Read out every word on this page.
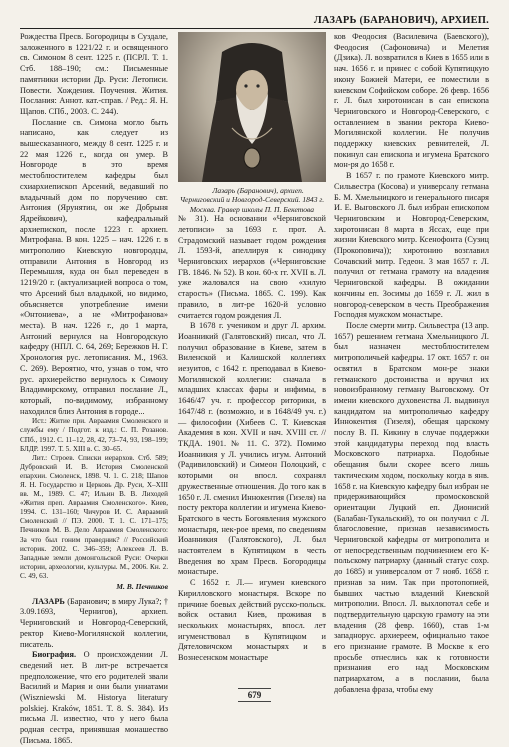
ЛАЗАРЬ (БАРАНОВИЧ), АРХИЕП.

Рождества Пресв. Богородицы в Суздале, заложенного в 1221/22 г. и освященного св. Симоном 8 сент. 1225 г. (ПСРЛ. Т. 1. Стб. 188–190; см.: Письменные памятники истории Др. Руси: Летописи. Повести. Хождения. Поучения. Жития. Послания: Аннот. кат.-справ. / Ред.: Я. Н. Щапов. СПб., 2003. С. 244).

Послание св. Симона могло быть написано, как следует из вышесказанного, между 8 сент. 1225 г. и 22 мая 1226 г., когда он умер. В Новгороде в это время местоблюстителем кафедры был схиархиепископ Арсений, ведавший по владычный дом по поручению свт. Антония (Ярунятин, он же Добрыня Ядрейкович), кафедральный архиепископ, после 1223 г. архиеп. Митрофана. В кон. 1225 – нач. 1226 г. в митрополию Киевскую новгородцы, отправили Антония в Новгород из Перемышля, куда он был переведен в 1219/20 г. (актуализацией вопроса о том, что Арсений был владыкой, но видимо, объясняется употребление имени «Онтониева», а не «Митрофанова» места). В нач. 1226 г., до 1 марта, Антоний вернулся на Новгородскую кафедру (НПЛ. С. 64, 269; Бережков Н. Г. Хронология рус. летописания. М., 1963. С. 269). Вероятно, что, узнав о том, что рус. архиерейство вернулось к Симону Владимирскому, отправил послание Л., который, по-видимому, избранному находился близ Антония в городе...

Ист.: Житие при. Авраамия Смоленского и службы ему / Подгот. к изд.: С. П. Розанов. СПб., 1912. С. 11–12, 28, 42, 73–74, 93, 198–199; БЛДР. 1997. Т. 5. XIII в. С. 30–65.

Лит.: Строев. Списки иерархов. Стб. 589; Дубровский И. В. История Смоленской епархии. Смоленск, 1898. Ч. 1. С. 218; Шапов Я. Н. Государство и Церковь Др. Руси, X–XIII вв. М., 1989. С. 47; Ильин В. В. Лиходей «Жития преп. Авраамия Смоленского». Киев, 1994. С. 131–160; Чичуров И. С. Авраамий Смоленский // ПЭ. 2000. Т. 1. С. 171–175; Печников М. В. Дело Авраамия Смоленского: За что был гоним праведник? // Российский историк. 2002. С. 346–359; Алексеев Л. В. Западные земли домонгольской Руси: Очерки истории, археологии, культуры. М., 2006. Кн. 2. С. 49, 63.

М. В. Печников

ЛАЗАРЬ (Баранович; в миру Лука?; † 3.09.1693, Чернигов), архиеп. Черниговский и Новгород-Северский, ректор Киево-Могилянской коллегии, писатель.

Биография. О происхождении Л. сведений нет. В лит-ре встречается предположение, что его родителей звали Василий и Мария и они были униатами (Wiszniewski M. Historya literatury polskiej. Kraków, 1851. T. 8. S. 384). Из письма Л. известно, что у него была родная сестра, принявшая монашество (Письма. 1865.

Лазарь (Баранович), архиеп. Черниговский и Новгород-Северский. 1843 г. Москва. Гравер школы П. П. Бекетова

№ 31). На основании «Черниговской летописи» за 1693 г. прот. А. Страдомский называет годом рождения Л. 1593-й, апеллируя к синодику Черниговских иерархов («Черниговские ГВ. 1846. № 52). В кон. 60-х гг. XVII в. Л. уже жаловался на свою «хилую старость» (Письма. 1865. С. 199). Как правило, в лит-ре 1620-й условно считается годом рождения Л.

В 1678 г. учеником и друг Л. архим. Иоанникий (Галятовский) писал, что Л. получил образование в Киеве, затем в Виленской и Калишской коллегиях иезуитов, с 1642 г. преподавал в Киево-Могилянской коллегии: сначала в младших классах фары и инфимы, в 1646/47 уч. г. профессор риторики, в 1647/48 г. (возможно, и в 1648/49 уч. г.) — философии (Хибеев С. Т. Киевская Академия в кон. XVII и нач. XVIII ст. // ТКДА. 1901. № 11. С. 372). Помимо Иоанникия у Л. учились игум. Антоний (Радивиловский) и Симеон Полоцкий, с которыми он впосл. сохранял дружественные отношения. До того как в 1650 г. Л. сменил Иннокентия (Гизеля) на посту ректора коллегии и игумена Киево-Братского в честь Богоявления мужского монастыря, нек-рое время, по сведениям Иоанникия (Галятовского), Л. был настоятелем в Купятицком в честь Введения во храм Пресв. Богородицы монастыре.

С 1652 г. Л.— игумен киевского Кирилловского монастыря. Вскоре по причине боевых действий русско-польск. войск оставил Киев, проживая в нескольких монастырях, впосл. лет игуменствовал в Купятицком и Дятеловичском монастырях и в Вознесенском монастыре

ков Феодосия (Василевича (Баевского)), Феодосия (Сафоновича) и Мелетия (Дзика). Л. возвратился в Киев в 1655 или в нач. 1656 г. и принес с собой Купятицкую икону Божией Матери, ее поместили в киевском Софийском соборе. 26 февр. 1656 г. Л. был хиротонисан в сан епископа Черниговского и Новгород-Северского, с оставлением в звании ректора Киево-Могилянской коллегии. Не получив поддержку киевских ревнителей, Л. покинул сан епископа и игумена Братского мон-ря до 1658 г.

В 1657 г. по грамоте Киевского митр. Сильвестра (Косова) и универсалу гетмана Б. М. Хмельницкого и генерального писаря И. Е. Выговского Л. был избран епископом Черниговским и Новгород-Северским, хиротонисан 8 марта в Яссах, еще при жизни Киевского митр. Ксенофонта (Сузиц (Прокоповича)); хиротонию возглавил Сочавский митр. Гедеон. 3 мая 1657 г. Л. получил от гетмана грамоту на владения Черниговской кафедры. В ожидании кончины еп. Зосимы до 1659 г. Л. жил в новгород-северском в честь Преображения Господня мужском монастыре.

После смерти митр. Сильвестра (13 апр. 1657) решением гетмана Хмельницкого Л. был назначен местоблюстителем митрополичьей кафедры. 17 окт. 1657 г. он освятил в Братском мон-ре знаки гетманского достоинства и вручил их новоизбранному гетману Выговскому. От имени киевского духовенства Л. выдвинул кандидатом на митрополичью кафедру Иннокентия (Гизеля), обещая царскому послу В. П. Кикину в случае поддержки этой кандидатуры переход под власть Московского патриарха. Подобные обещания были скорее всего лишь тактическим ходом, поскольку когда в янв. 1658 г. на Киевскую кафедру был избран не придерживающийся промосковской ориентации Луцкий еп. Дионисий (Балабан-Тукальский), то он получил с Л. благословение, признав независимость Черниговской кафедры от митрополита и от непосредственным подчинением его К-польскому патриарху (данный статус сохр. до 1685) и универсалом от 7 нояб. 1658 г. признав за ним. Так при протопопией, бывших частью владений Киевской митрополии. Впосл. Л. выхлопотал себе и подтвердительную царскую грамоту на эти владения (28 февр. 1660), став 1-м западнорус. архиереем, официально такое его признание грамоте. В Москве к его просьбе отнеслись как к готовности признания его над Московским патриархатом, а в послании, была добавлена фраза, чтобы ему

679
